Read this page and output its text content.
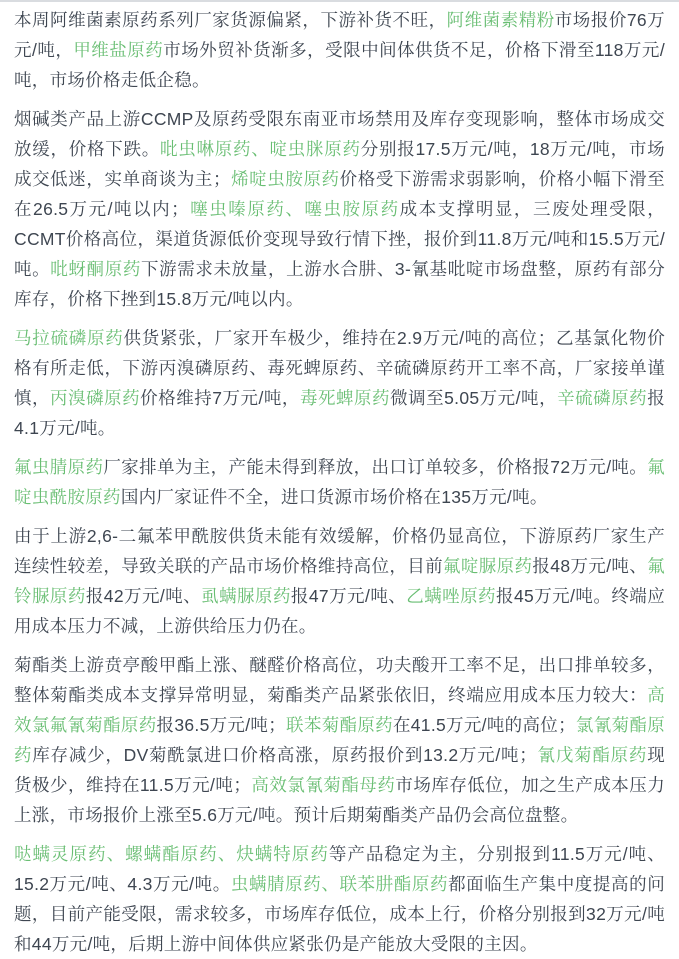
本周阿维菌素原药系列厂家货源偏紧，下游补货不旺，阿维菌素精粉市场报价76万元/吨，甲维盐原药市场外贸补货渐多，受限中间体供货不足，价格下滑至118万元/吨，市场价格走低企稳。

烟碱类产品上游CCMP及原药受限东南亚市场禁用及库存变现影响，整体市场成交放缓，价格下跌。吡虫啉原药、啶虫脒原药分别报17.5万元/吨，18万元/吨，市场成交低迷，实单商谈为主；烯啶虫胺原药价格受下游需求弱影响，价格小幅下滑至在26.5万元/吨以内；噻虫嗪原药、噻虫胺原药成本支撑明显，三废处理受限，CCMT价格高位，渠道货源低价变现导致行情下挫，报价到11.8万元/吨和15.5万元/吨。吡蚜酮原药下游需求未放量，上游水合肼、3-氰基吡啶市场盘整，原药有部分库存，价格下挫到15.8万元/吨以内。

马拉硫磷原药供货紧张，厂家开车极少，维持在2.9万元/吨的高位；乙基氯化物价格有所走低，下游丙溴磷原药、毒死蜱原药、辛硫磷原药开工率不高，厂家接单谨慎，丙溴磷原药价格维持7万元/吨，毒死蜱原药微调至5.05万元/吨，辛硫磷原药报4.1万元/吨。

氟虫腈原药厂家排单为主，产能未得到释放，出口订单较多，价格报72万元/吨。氟啶虫酰胺原药国内厂家证件不全，进口货源市场价格在135万元/吨。

由于上游2,6-二氟苯甲酰胺供货未能有效缓解，价格仍显高位，下游原药厂家生产连续性较差，导致关联的产品市场价格维持高位，目前氟啶脲原药报48万元/吨、氟铃脲原药报42万元/吨、虱螨脲原药报47万元/吨、乙螨唑原药报45万元/吨。终端应用成本压力不减，上游供给压力仍在。

菊酯类上游贲亭酸甲酯上涨、醚醛价格高位，功夫酸开工率不足，出口排单较多，整体菊酯类成本支撑异常明显，菊酯类产品紧张依旧，终端应用成本压力较大：高效氯氟氰菊酯原药报36.5万元/吨；联苯菊酯原药在41.5万元/吨的高位；氯氰菊酯原药库存减少，DV菊酰氯进口价格高涨，原药报价到13.2万元/吨；氰戊菊酯原药现货极少，维持在11.5万元/吨；高效氯氰菊酯母药市场库存低位，加之生产成本压力上涨，市场报价上涨至5.6万元/吨。预计后期菊酯类产品仍会高位盘整。

哒螨灵原药、螺螨酯原药、炔螨特原药等产品稳定为主，分别报到11.5万元/吨、15.2万元/吨、4.3万元/吨。虫螨腈原药、联苯肼酯原药都面临生产集中度提高的问题，目前产能受限，需求较多，市场库存低位，成本上行，价格分别报到32万元/吨和44万元/吨，后期上游中间体供应紧张仍是产能放大受限的主因。
